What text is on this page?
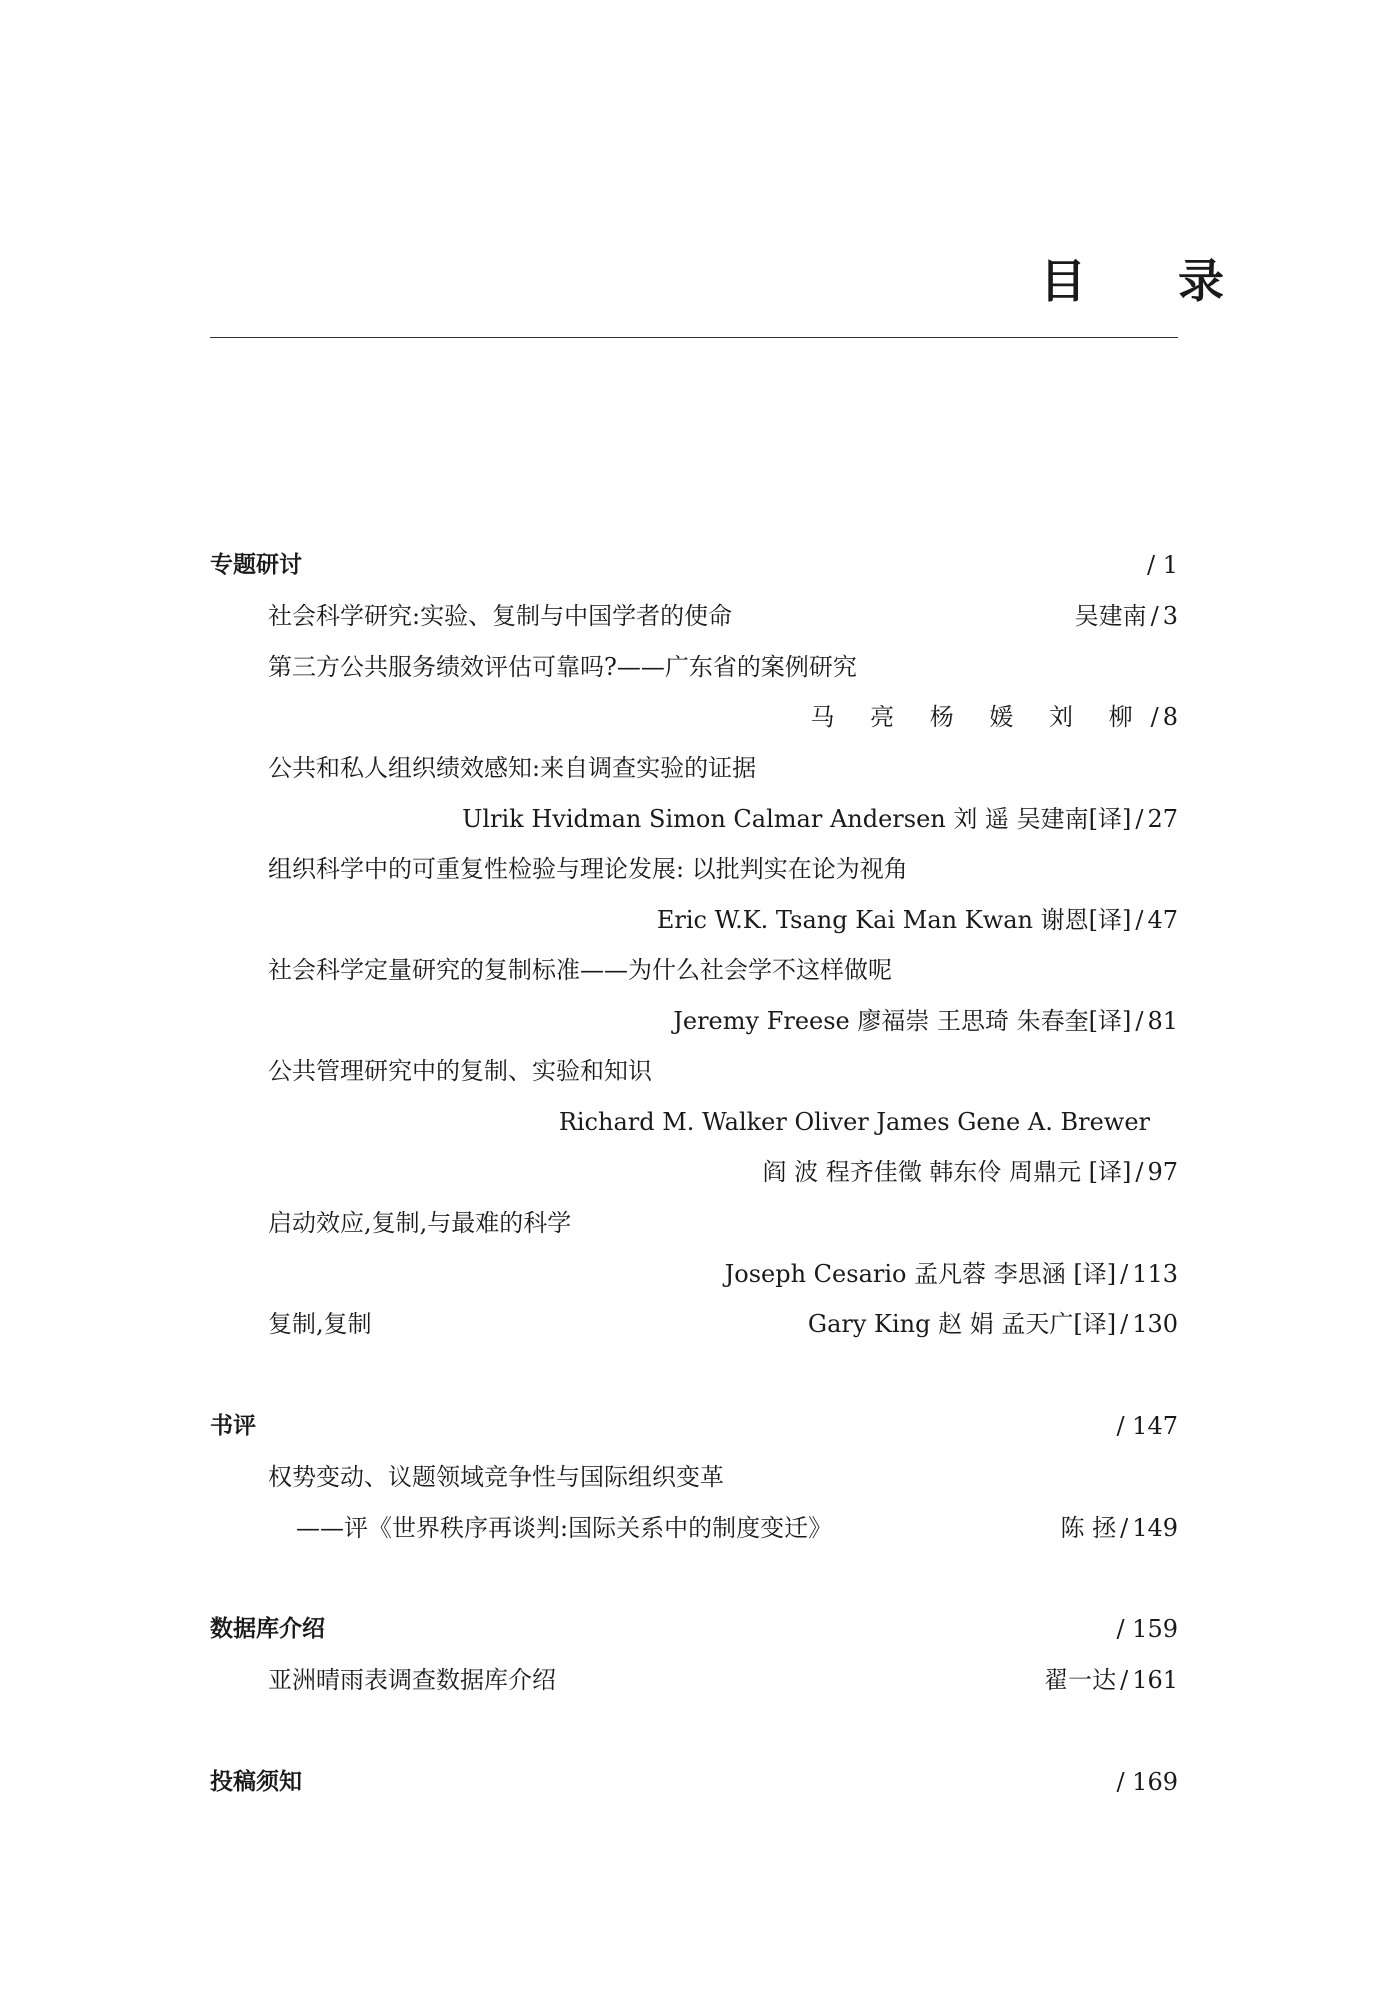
目 录
专题研讨	/ 1
社会科学研究:实验、复制与中国学者的使命	吴建南 / 3
第三方公共服务绩效评估可靠吗?——广东省的案例研究
马 亮 杨 媛 刘 柳 / 8
公共和私人组织绩效感知:来自调查实验的证据
Ulrik Hvidman Simon Calmar Andersen 刘 遥 吴建南[译] / 27
组织科学中的可重复性检验与理论发展: 以批判实在论为视角
Eric W.K. Tsang Kai Man Kwan 谢恩[译] / 47
社会科学定量研究的复制标准——为什么社会学不这样做呢
Jeremy Freese 廖福崇 王思琦 朱春奎[译] / 81
公共管理研究中的复制、实验和知识
Richard M. Walker Oliver James Gene A. Brewer
阎 波 程齐佳徵 韩东伶 周鼎元 [译] / 97
启动效应,复制,与最难的科学
Joseph Cesario 孟凡蓉 李思涵 [译] / 113
复制,复制	Gary King 赵 娟 孟天广[译] / 130
书评	/ 147
权势变动、议题领域竞争性与国际组织变革
——评《世界秩序再谈判:国际关系中的制度变迁》	陈 拯 / 149
数据库介绍	/ 159
亚洲晴雨表调查数据库介绍	翟一达 / 161
投稿须知	/ 169
